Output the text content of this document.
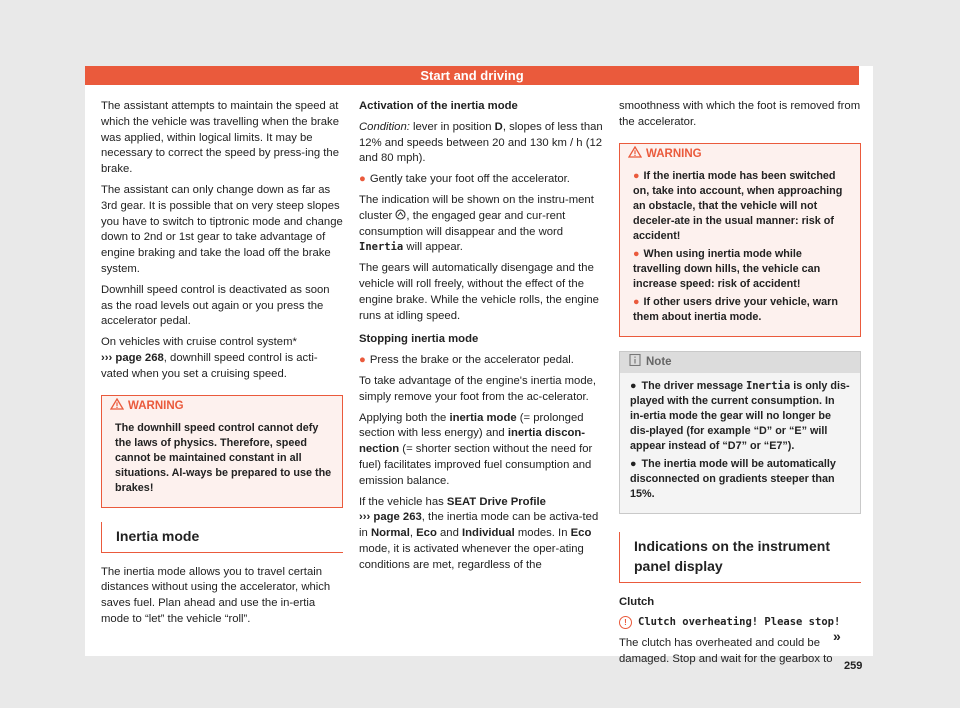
Start and driving

The assistant attempts to maintain the speed at which the vehicle was travelling when the brake was applied, within logical limits. It may be necessary to correct the speed by press-ing the brake.

The assistant can only change down as far as 3rd gear. It is possible that on very steep slopes you have to switch to tiptronic mode and change down to 2nd or 1st gear to take advantage of engine braking and take the load off the brake system.

Downhill speed control is deactivated as soon as the road levels out again or you press the accelerator pedal.

On vehicles with cruise control system*
››› page 268, downhill speed control is acti-vated when you set a cruising speed.

WARNING

The downhill speed control cannot defy the laws of physics. Therefore, speed cannot be maintained constant in all situations. Al-ways be prepared to use the brakes!

Inertia mode

The inertia mode allows you to travel certain distances without using the accelerator, which saves fuel. Plan ahead and use the in-ertia mode to “let” the vehicle “roll”.

Activation of the inertia mode

Condition: lever in position D, slopes of less than 12% and speeds between 20 and 130 km / h (12 and 80 mph).

● Gently take your foot off the accelerator.

The indication will be shown on the instru-ment cluster , the engaged gear and cur-rent consumption will disappear and the word Inertia will appear.

The gears will automatically disengage and the vehicle will roll freely, without the effect of the engine brake. While the vehicle rolls, the engine runs at idling speed.

Stopping inertia mode

● Press the brake or the accelerator pedal.

To take advantage of the engine's inertia mode, simply remove your foot from the ac-celerator.

Applying both the inertia mode (= prolonged section with less energy) and inertia discon-nection (= shorter section without the need for fuel) facilitates improved fuel consumption and emission balance.

If the vehicle has SEAT Drive Profile
››› page 263, the inertia mode can be activa-ted in Normal, Eco and Individual modes. In Eco mode, it is activated whenever the oper-ating conditions are met, regardless of the

smoothness with which the foot is removed from the accelerator.

WARNING

● If the inertia mode has been switched on, take into account, when approaching an obstacle, that the vehicle will not deceler-ate in the usual manner: risk of accident!

● When using inertia mode while travelling down hills, the vehicle can increase speed: risk of accident!

● If other users drive your vehicle, warn them about inertia mode.

Note

● The driver message Inertia is only dis-played with the current consumption. In in-ertia mode the gear will no longer be dis-played (for example “D” or “E” will appear instead of “D7” or “E7”).

● The inertia mode will be automatically disconnected on gradients steeper than 15%.

Indications on the instrument panel display

Clutch

! Clutch overheating! Please stop!

The clutch has overheated and could be damaged. Stop and wait for the gearbox to

»
259
